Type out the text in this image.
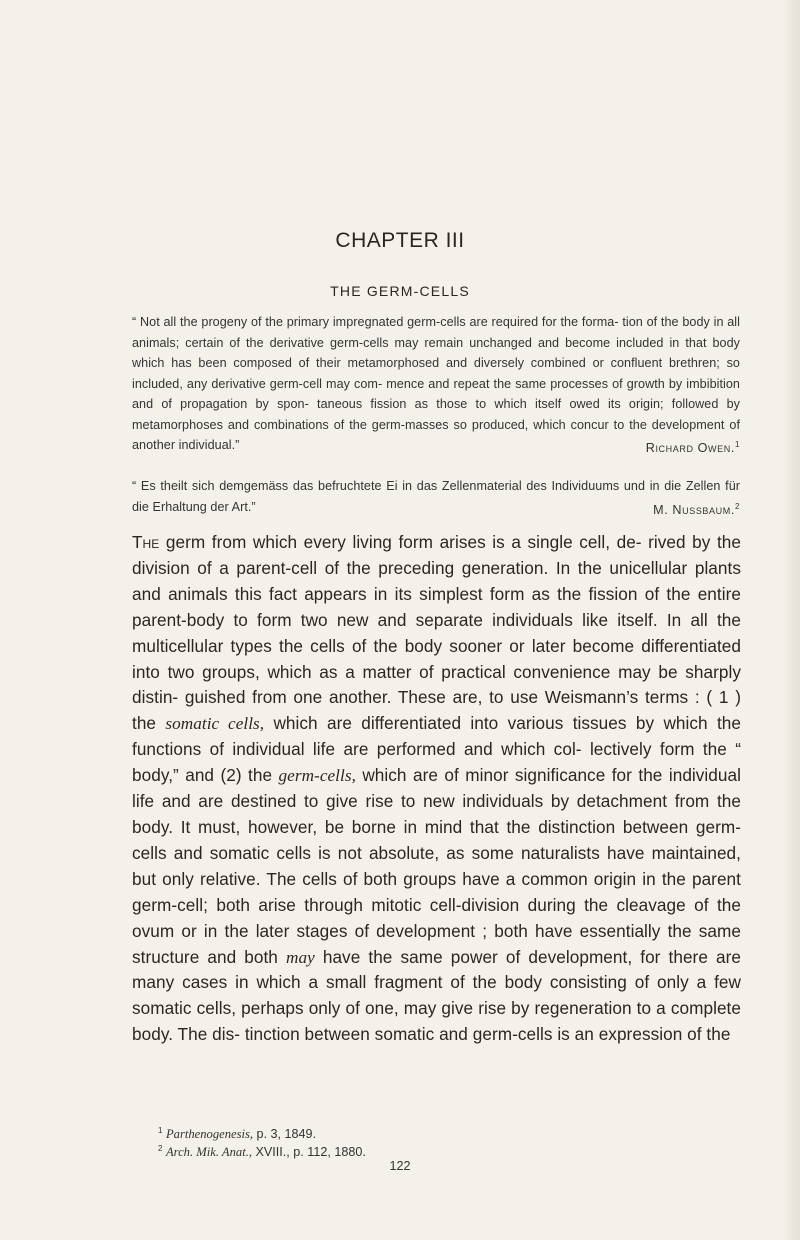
CHAPTER III
THE GERM-CELLS
“ Not all the progeny of the primary impregnated germ-cells are required for the forma- tion of the body in all animals; certain of the derivative germ-cells may remain unchanged and become included in that body which has been composed of their metamorphosed and diversely combined or confluent brethren; so included, any derivative germ-cell may com- mence and repeat the same processes of growth by imbibition and of propagation by spon- taneous fission as those to which itself owed its origin; followed by metamorphoses and combinations of the germ-masses so produced, which concur to the development of another individual.”	Richard Owen.$^1$
“ Es theilt sich demgemäss das befruchtete Ei in das Zellenmaterial des Individuums und in die Zellen für die Erhaltung der Art.”	M. Nussbaum.$^2$
The germ from which every living form arises is a single cell, de- rived by the division of a parent-cell of the preceding generation. In the unicellular plants and animals this fact appears in its simplest form as the fission of the entire parent-body to form two new and separate individuals like itself. In all the multicellular types the cells of the body sooner or later become differentiated into two groups, which as a matter of practical convenience may be sharply distin- guished from one another. These are, to use Weismann’s terms : ( 1 ) the somatic cells, which are differentiated into various tissues by which the functions of individual life are performed and which col- lectively form the “ body,” and (2) the germ-cells, which are of minor significance for the individual life and are destined to give rise to new individuals by detachment from the body. It must, however, be borne in mind that the distinction between germ-cells and somatic cells is not absolute, as some naturalists have maintained, but only relative. The cells of both groups have a common origin in the parent germ-cell; both arise through mitotic cell-division during the cleavage of the ovum or in the later stages of development ; both have essentially the same structure and both may have the same power of development, for there are many cases in which a small fragment of the body consisting of only a few somatic cells, perhaps only of one, may give rise by regeneration to a complete body. The dis- tinction between somatic and germ-cells is an expression of the
$^1$ Parthenogenesis, p. 3, 1849.
$^2$ Arch. Mik. Anat., XVIII., p. 112, 1880.
122
